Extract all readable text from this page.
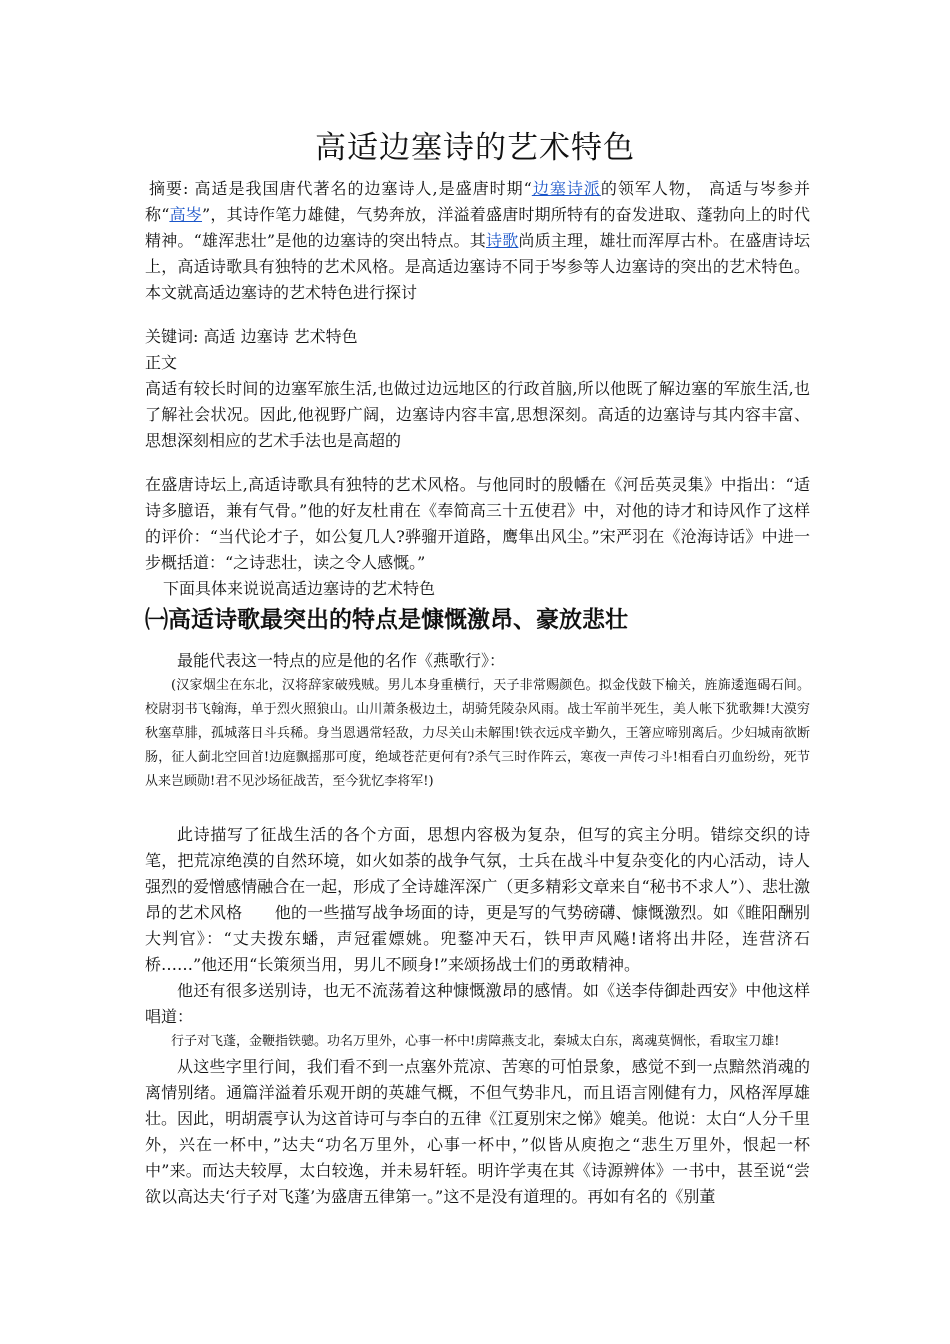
高适边塞诗的艺术特色

摘要: 高适是我国唐代著名的边塞诗人,是盛唐时期“边塞诗派的领军人物， 高适与岑参并称“高岑”，其诗作笔力雄健，气势奔放，洋溢着盛唐时期所特有的奋发进取、蓬勃向上的时代精神。“雄浑悲壮”是他的边塞诗的突出特点。其诗歌尚质主理，雄壮而浑厚古朴。在盛唐诗坛上，高适诗歌具有独特的艺术风格。是高适边塞诗不同于岑参等人边塞诗的突出的艺术特色。本文就高适边塞诗的艺术特色进行探讨

关键词: 高适 边塞诗 艺术特色

正文

高适有较长时间的边塞军旅生活,也做过边远地区的行政首脑,所以他既了解边塞的军旅生活,也了解社会状况。因此,他视野广阔，边塞诗内容丰富,思想深刻。高适的边塞诗与其内容丰富、思想深刻相应的艺术手法也是高超的

在盛唐诗坛上,高适诗歌具有独特的艺术风格。与他同时的殷幡在《河岳英灵集》中指出：“适诗多臆语，兼有气骨。”他的好友杜甫在《奉简高三十五使君》中，对他的诗才和诗风作了这样的评价：“当代论才子，如公复几人?骅骝开道路，鹰隼出风尘。”宋严羽在《沧海诗话》中进一步概括道：“之诗悲壮，读之令人感慨。”

下面具体来说说高适边塞诗的艺术特色

㈠高适诗歌最突出的特点是慷慨激昂、豪放悲壮

最能代表这一特点的应是他的名作《燕歌行》：

(汉家烟尘在东北，汉将辞家破残贼。男儿本身重横行，天子非常赐颜色。拟金伐鼓下榆关，旌旆逶迤碣石间。校尉羽书飞翰海，单于烈火照狼山。山川萧条极边土，胡骑凭陵杂风雨。战士军前半死生，美人帐下犹歌舞!大漠穷秋塞草腓，孤城落日斗兵稀。身当恩遇常轻敌，力尽关山未解围!铁衣远戍辛勤久，王箸应啼别离后。少妇城南欲断肠，征人蓟北空回首!边庭飘摇那可度，绝域苍茫更何有?杀气三时作阵云，寒夜一声传刁斗!相看白刃血纷纷，死节从来岂顾勋!君不见沙场征战苦，至今犹忆李将军!)

此诗描写了征战生活的各个方面，思想内容极为复杂，但写的宾主分明。错综交织的诗笔，把荒凉绝漠的自然环境，如火如荼的战争气氛，士兵在战斗中复杂变化的内心活动，诗人强烈的爱憎感情融合在一起，形成了全诗雄浑深广（更多精彩文章来自“秘书不求人”）、悲壮激昂的艺术风格　　他的一些描写战争场面的诗，更是写的气势磅礴、慷慨激烈。如《睢阳酬别大判官》：“丈夫拨东蟠，声冠霍嫖姚。兜鍪冲天石，铁甲声风飚!诸将出井陉，连营济石桥……”他还用“长策须当用，男儿不顾身!”来颂扬战士们的勇敢精神。

他还有很多送别诗，也无不流荡着这种慷慨激昂的感情。如《送李侍御赴西安》中他这样唱道：

行子对飞蓬，金鞭指铁骢。功名万里外，心事一杯中!虏障燕支北，秦城太白东，离魂莫惆怅，看取宝刀雄!

从这些字里行间，我们看不到一点塞外荒凉、苦寒的可怕景象，感觉不到一点黯然消魂的离情别绪。通篇洋溢着乐观开朗的英雄气概，不但气势非凡，而且语言刚健有力，风格浑厚雄壮。因此，明胡震亨认为这首诗可与李白的五律《江夏别宋之悌》媲美。他说：太白“人分千里外，兴在一杯中，”达夫“功名万里外，心事一杯中，”似皆从庾抱之“悲生万里外，恨起一杯中”来。而达夫较厚，太白较逸，并未易轩轾。明许学夷在其《诗源辨体》一书中，甚至说“尝欲以高达夫‘行子对飞蓬’为盛唐五律第一。”这不是没有道理的。再如有名的《别董
